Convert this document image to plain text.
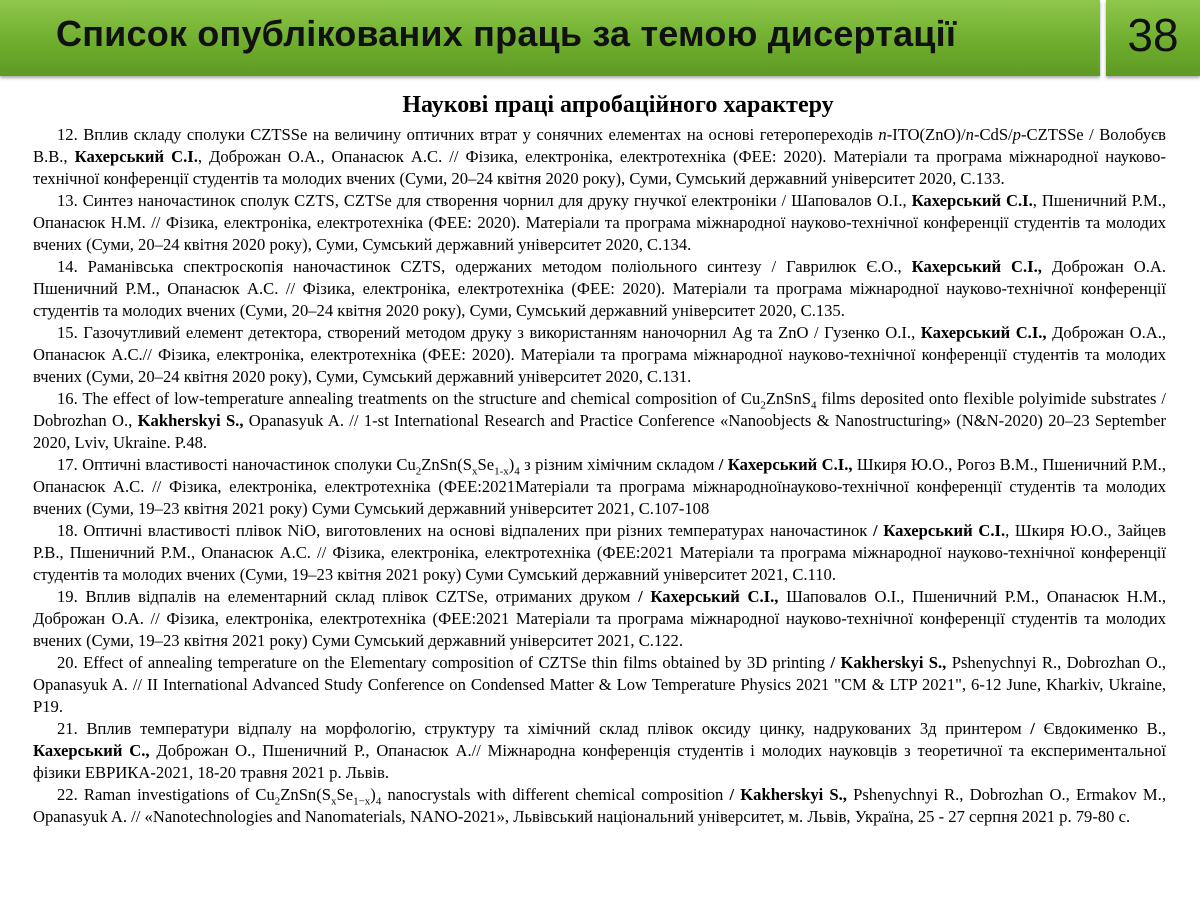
Список опублікованих праць за темою дисертації	38
Наукові праці апробаційного характеру

12. Вплив складу сполуки CZTSSe на величину оптичних втрат у сонячних елементах на основі гетеропереходів n-ITO(ZnO)/n-CdS/p-CZTSSe / Волобуєв В.В., Кахерський С.І., Доброжан О.А., Опанасюк А.С. // Фізика, електроніка, електротехніка (ФЕЕ: 2020). Матеріали та програма міжнародної науково-технічної конференції студентів та молодих вчених (Суми, 20–24 квітня 2020 року), Суми, Сумський державний університет 2020, С.133.

13. Синтез наночастинок сполук CZTS, CZTSe для створення чорнил для друку гнучкої електроніки / Шаповалов О.І., Кахерський С.І., Пшеничний Р.М., Опанасюк Н.М. // Фізика, електроніка, електротехніка (ФЕЕ: 2020). Матеріали та програма міжнародної науково-технічної конференції студентів та молодих вчених (Суми, 20–24 квітня 2020 року), Суми, Сумський державний університет 2020, С.134.

14. Раманівська спектроскопія наночастинок CZTS, одержаних методом поліольного синтезу / Гаврилюк Є.О., Кахерський С.І., Доброжан О.А. Пшеничний Р.М., Опанасюк А.С. // Фізика, електроніка, електротехніка (ФЕЕ: 2020). Матеріали та програма міжнародної науково-технічної конференції студентів та молодих вчених (Суми, 20–24 квітня 2020 року), Суми, Сумський державний університет 2020, С.135.

15. Газочутливий елемент детектора, створений методом друку з використанням наночорнил Ag та ZnO / Гузенко О.І., Кахерський С.І., Доброжан О.А., Опанасюк А.С.// Фізика, електроніка, електротехніка (ФЕЕ: 2020). Матеріали та програма міжнародної науково-технічної конференції студентів та молодих вчених (Суми, 20–24 квітня 2020 року), Суми, Сумський державний університет 2020, С.131.

16. The effect of low-temperature annealing treatments on the structure and chemical composition of $Cu_2ZnSnS_4$ films deposited onto flexible polyimide substrates / Dobrozhan O., Kakherskyi S., Opanasyuk A. // 1-st International Research and Practice Conference «Nanoobjects & Nanostructuring» (N&N-2020) 20–23 September 2020, Lviv, Ukraine. P.48.

17. Оптичні властивості наночастинок сполуки $Cu_2ZnSn(S_xSe_{1-x})_4$ з різним хімічним складом / Кахерський С.І., Шкиря Ю.О., Рогоз В.М., Пшеничний Р.М., Опанасюк А.С. // Фізика, електроніка, електротехніка (ФЕЕ:2021Матеріали та програма міжнародноїнауково-технічної конференції студентів та молодих вчених (Суми, 19–23 квітня 2021 року) Суми Сумський державний університет 2021, С.107-108

18. Оптичні властивості плівок NiO, виготовлених на основі відпалених при різних температурах наночастинок / Кахерський С.І., Шкиря Ю.О., Зайцев Р.В., Пшеничний Р.М., Опанасюк А.С. // Фізика, електроніка, електротехніка (ФЕЕ:2021 Матеріали та програма міжнародної науково-технічної конференції студентів та молодих вчених (Суми, 19–23 квітня 2021 року) Суми Сумський державний університет 2021, С.110.

19. Вплив відпалів на елементарний склад плівок CZTSe, отриманих друком / Кахерський С.І., Шаповалов О.І., Пшеничний Р.М., Опанасюк Н.М., Доброжан О.А. // Фізика, електроніка, електротехніка (ФЕЕ:2021 Матеріали та програма міжнародної науково-технічної конференції студентів та молодих вчених (Суми, 19–23 квітня 2021 року) Суми Сумський державний університет 2021, С.122.

20. Effect of annealing temperature on the Elementary composition of CZTSe thin films obtained by 3D printing / Kakherskyi S., Pshenychnyi R., Dobrozhan O., Opanasyuk A. // II International Advanced Study Conference on Condensed Matter & Low Temperature Physics 2021 "CM & LTP 2021", 6-12 June, Kharkiv, Ukraine, P19.

21. Вплив температури відпалу на морфологію, структуру та хімічний склад плівок оксиду цинку, надрукованих 3д принтером / Євдокименко В., Кахерський С., Доброжан О., Пшеничний Р., Опанасюк А.// Міжнародна конференція студентів і молодих науковців з теоретичної та експериментальної фізики ЕВРИКА-2021, 18-20 травня 2021 р. Львів.

22. Raman investigations of $Cu_2ZnSn(S_xSe_{1-x})_4$ nanocrystals with different chemical composition / Kakherskyi S., Pshenychnyi R., Dobrozhan O., Ermakov M., Opanasyuk A. // «Nanotechnologies and Nanomaterials, NANO-2021», Львівський національний університет, м. Львів, Україна, 25 - 27 серпня 2021 р. 79-80 с.
